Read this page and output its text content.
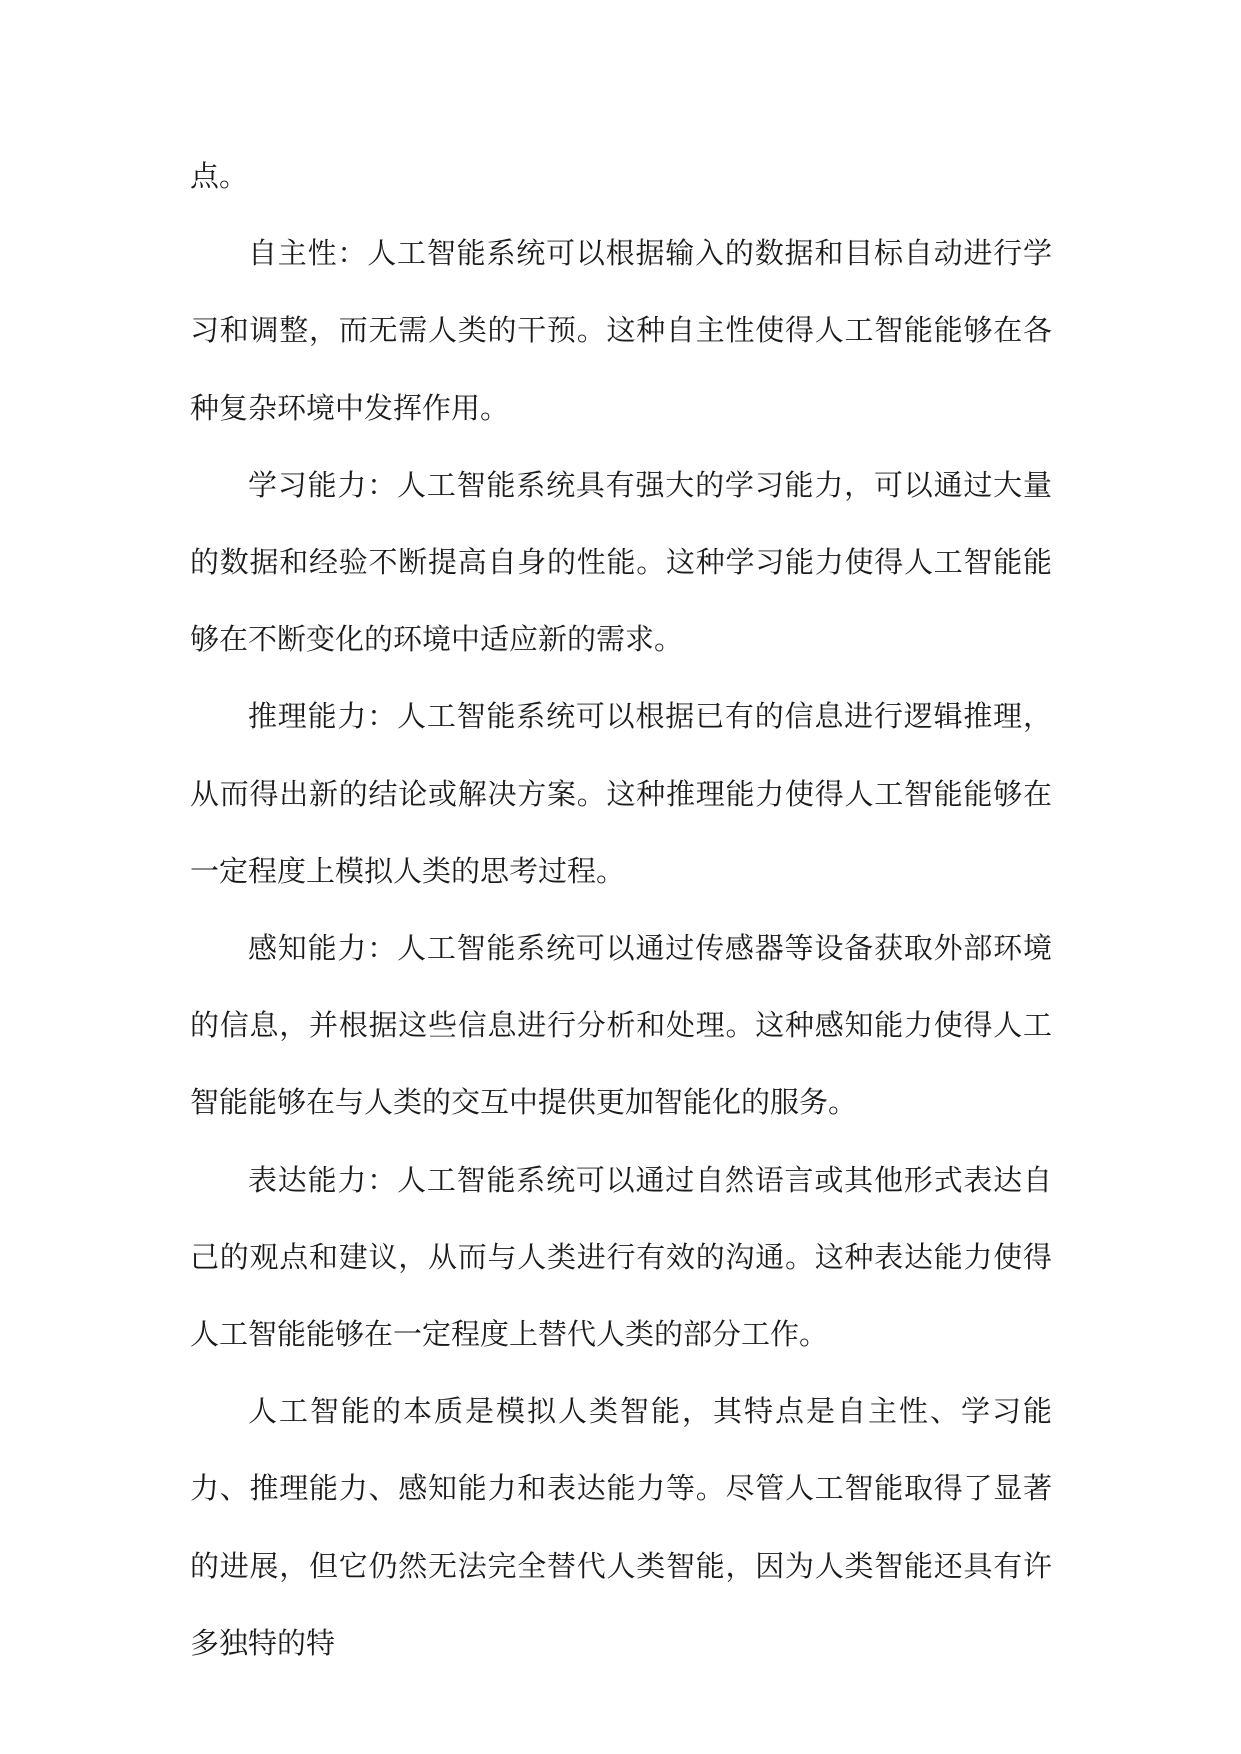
点。

自主性：人工智能系统可以根据输入的数据和目标自动进行学习和调整，而无需人类的干预。这种自主性使得人工智能能够在各种复杂环境中发挥作用。

学习能力：人工智能系统具有强大的学习能力，可以通过大量的数据和经验不断提高自身的性能。这种学习能力使得人工智能能够在不断变化的环境中适应新的需求。

推理能力：人工智能系统可以根据已有的信息进行逻辑推理，从而得出新的结论或解决方案。这种推理能力使得人工智能能够在一定程度上模拟人类的思考过程。

感知能力：人工智能系统可以通过传感器等设备获取外部环境的信息，并根据这些信息进行分析和处理。这种感知能力使得人工智能能够在与人类的交互中提供更加智能化的服务。

表达能力：人工智能系统可以通过自然语言或其他形式表达自己的观点和建议，从而与人类进行有效的沟通。这种表达能力使得人工智能能够在一定程度上替代人类的部分工作。

人工智能的本质是模拟人类智能，其特点是自主性、学习能力、推理能力、感知能力和表达能力等。尽管人工智能取得了显著的进展，但它仍然无法完全替代人类智能，因为人类智能还具有许多独特的特
